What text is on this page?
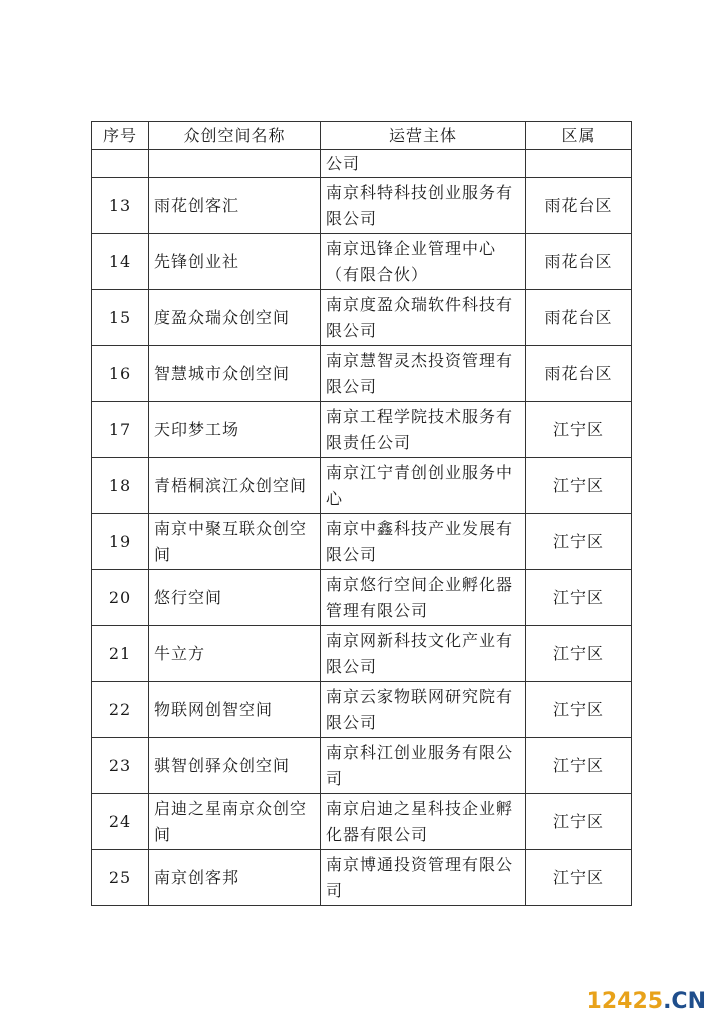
序号	众创空间名称	运营主体	区属
		公司	
13	雨花创客汇	南京科特科技创业服务有限公司	雨花台区
14	先锋创业社	南京迅锋企业管理中心（有限合伙）	雨花台区
15	度盈众瑞众创空间	南京度盈众瑞软件科技有限公司	雨花台区
16	智慧城市众创空间	南京慧智灵杰投资管理有限公司	雨花台区
17	天印梦工场	南京工程学院技术服务有限责任公司	江宁区
18	青梧桐滨江众创空间	南京江宁青创创业服务中心	江宁区
19	南京中聚互联众创空间	南京中鑫科技产业发展有限公司	江宁区
20	悠行空间	南京悠行空间企业孵化器管理有限公司	江宁区
21	牛立方	南京网新科技文化产业有限公司	江宁区
22	物联网创智空间	南京云家物联网研究院有限公司	江宁区
23	骐智创驿众创空间	南京科江创业服务有限公司	江宁区
24	启迪之星南京众创空间	南京启迪之星科技企业孵化器有限公司	江宁区
25	南京创客邦	南京博通投资管理有限公司	江宁区
12425.CN
